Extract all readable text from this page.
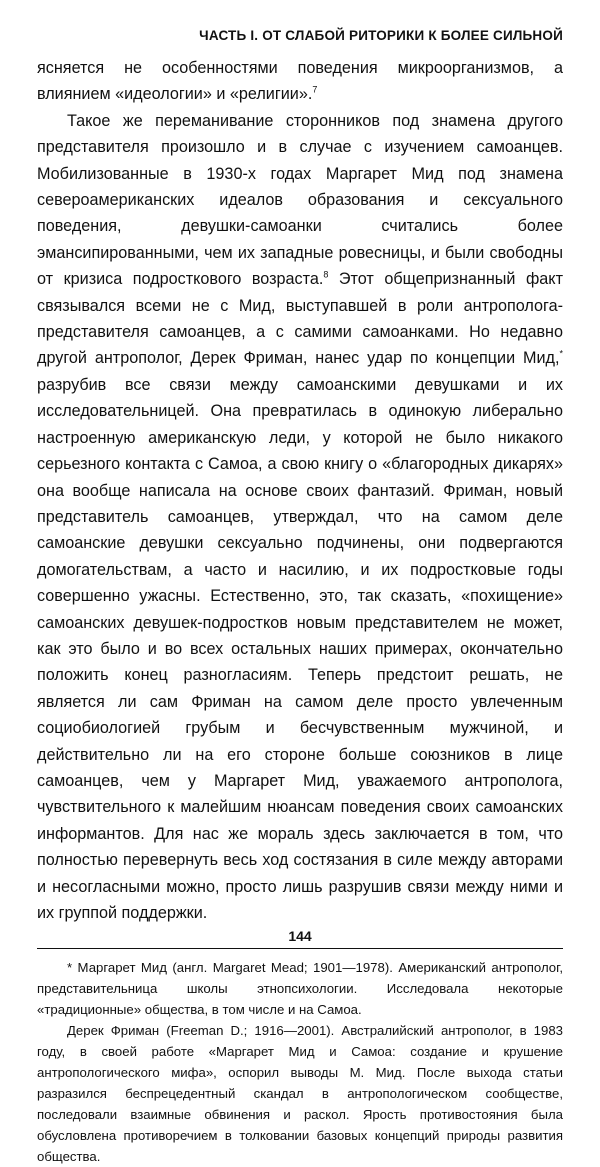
ЧАСТЬ I. ОТ СЛАБОЙ РИТОРИКИ К БОЛЕЕ СИЛЬНОЙ

ясняется не особенностями поведения микроорганизмов, а влиянием «идеологии» и «религии».$^7$

Такое же переманивание сторонников под знамена другого представителя произошло и в случае с изучением самоанцев. Мобилизованные в 1930-х годах Маргарет Мид под знамена североамериканских идеалов образования и сексуального поведения, девушки-самоанки считались более эмансипированными, чем их западные ровесницы, и были свободны от кризиса подросткового возраста.$^8$ Этот общепризнанный факт связывался всеми не с Мид, выступавшей в роли антрополога-представителя самоанцев, а с самими самоанками. Но недавно другой антрополог, Дерек Фриман, нанес удар по концепции Мид,* разрубив все связи между самоанскими девушками и их исследовательницей. Она превратилась в одинокую либерально настроенную американскую леди, у которой не было никакого серьезного контакта с Самоа, а свою книгу о «благородных дикарях» она вообще написала на основе своих фантазий. Фриман, новый представитель самоанцев, утверждал, что на самом деле самоанские девушки сексуально подчинены, они подвергаются домогательствам, а часто и насилию, и их подростковые годы совершенно ужасны. Естественно, это, так сказать, «похищение» самоанских девушек-подростков новым представителем не может, как это было и во всех остальных наших примерах, окончательно положить конец разногласиям. Теперь предстоит решать, не является ли сам Фриман на самом деле просто увлеченным социобиологией грубым и бесчувственным мужчиной, и действительно ли на его стороне больше союзников в лице самоанцев, чем у Маргарет Мид, уважаемого антрополога, чувствительного к малейшим нюансам поведения своих самоанских информантов. Для нас же мораль здесь заключается в том, что полностью перевернуть весь ход состязания в силе между авторами и несогласными можно, просто лишь разрушив связи между ними и их группой поддержки.

* Маргарет Мид (англ. Margaret Mead; 1901—1978). Американский антрополог, представительница школы этнопсихологии. Исследовала некоторые «традиционные» общества, в том числе и на Самоа.

Дерек Фриман (Freeman D.; 1916—2001). Австралийский антрополог, в 1983 году, в своей работе «Маргарет Мид и Самоа: создание и крушение антропологического мифа», оспорил выводы М. Мид. После выхода статьи разразился беспрецедентный скандал в антропологическом сообществе, последовали взаимные обвинения и раскол. Ярость противостояния была обусловлена противоречием в толковании базовых концепций природы развития общества.

144
